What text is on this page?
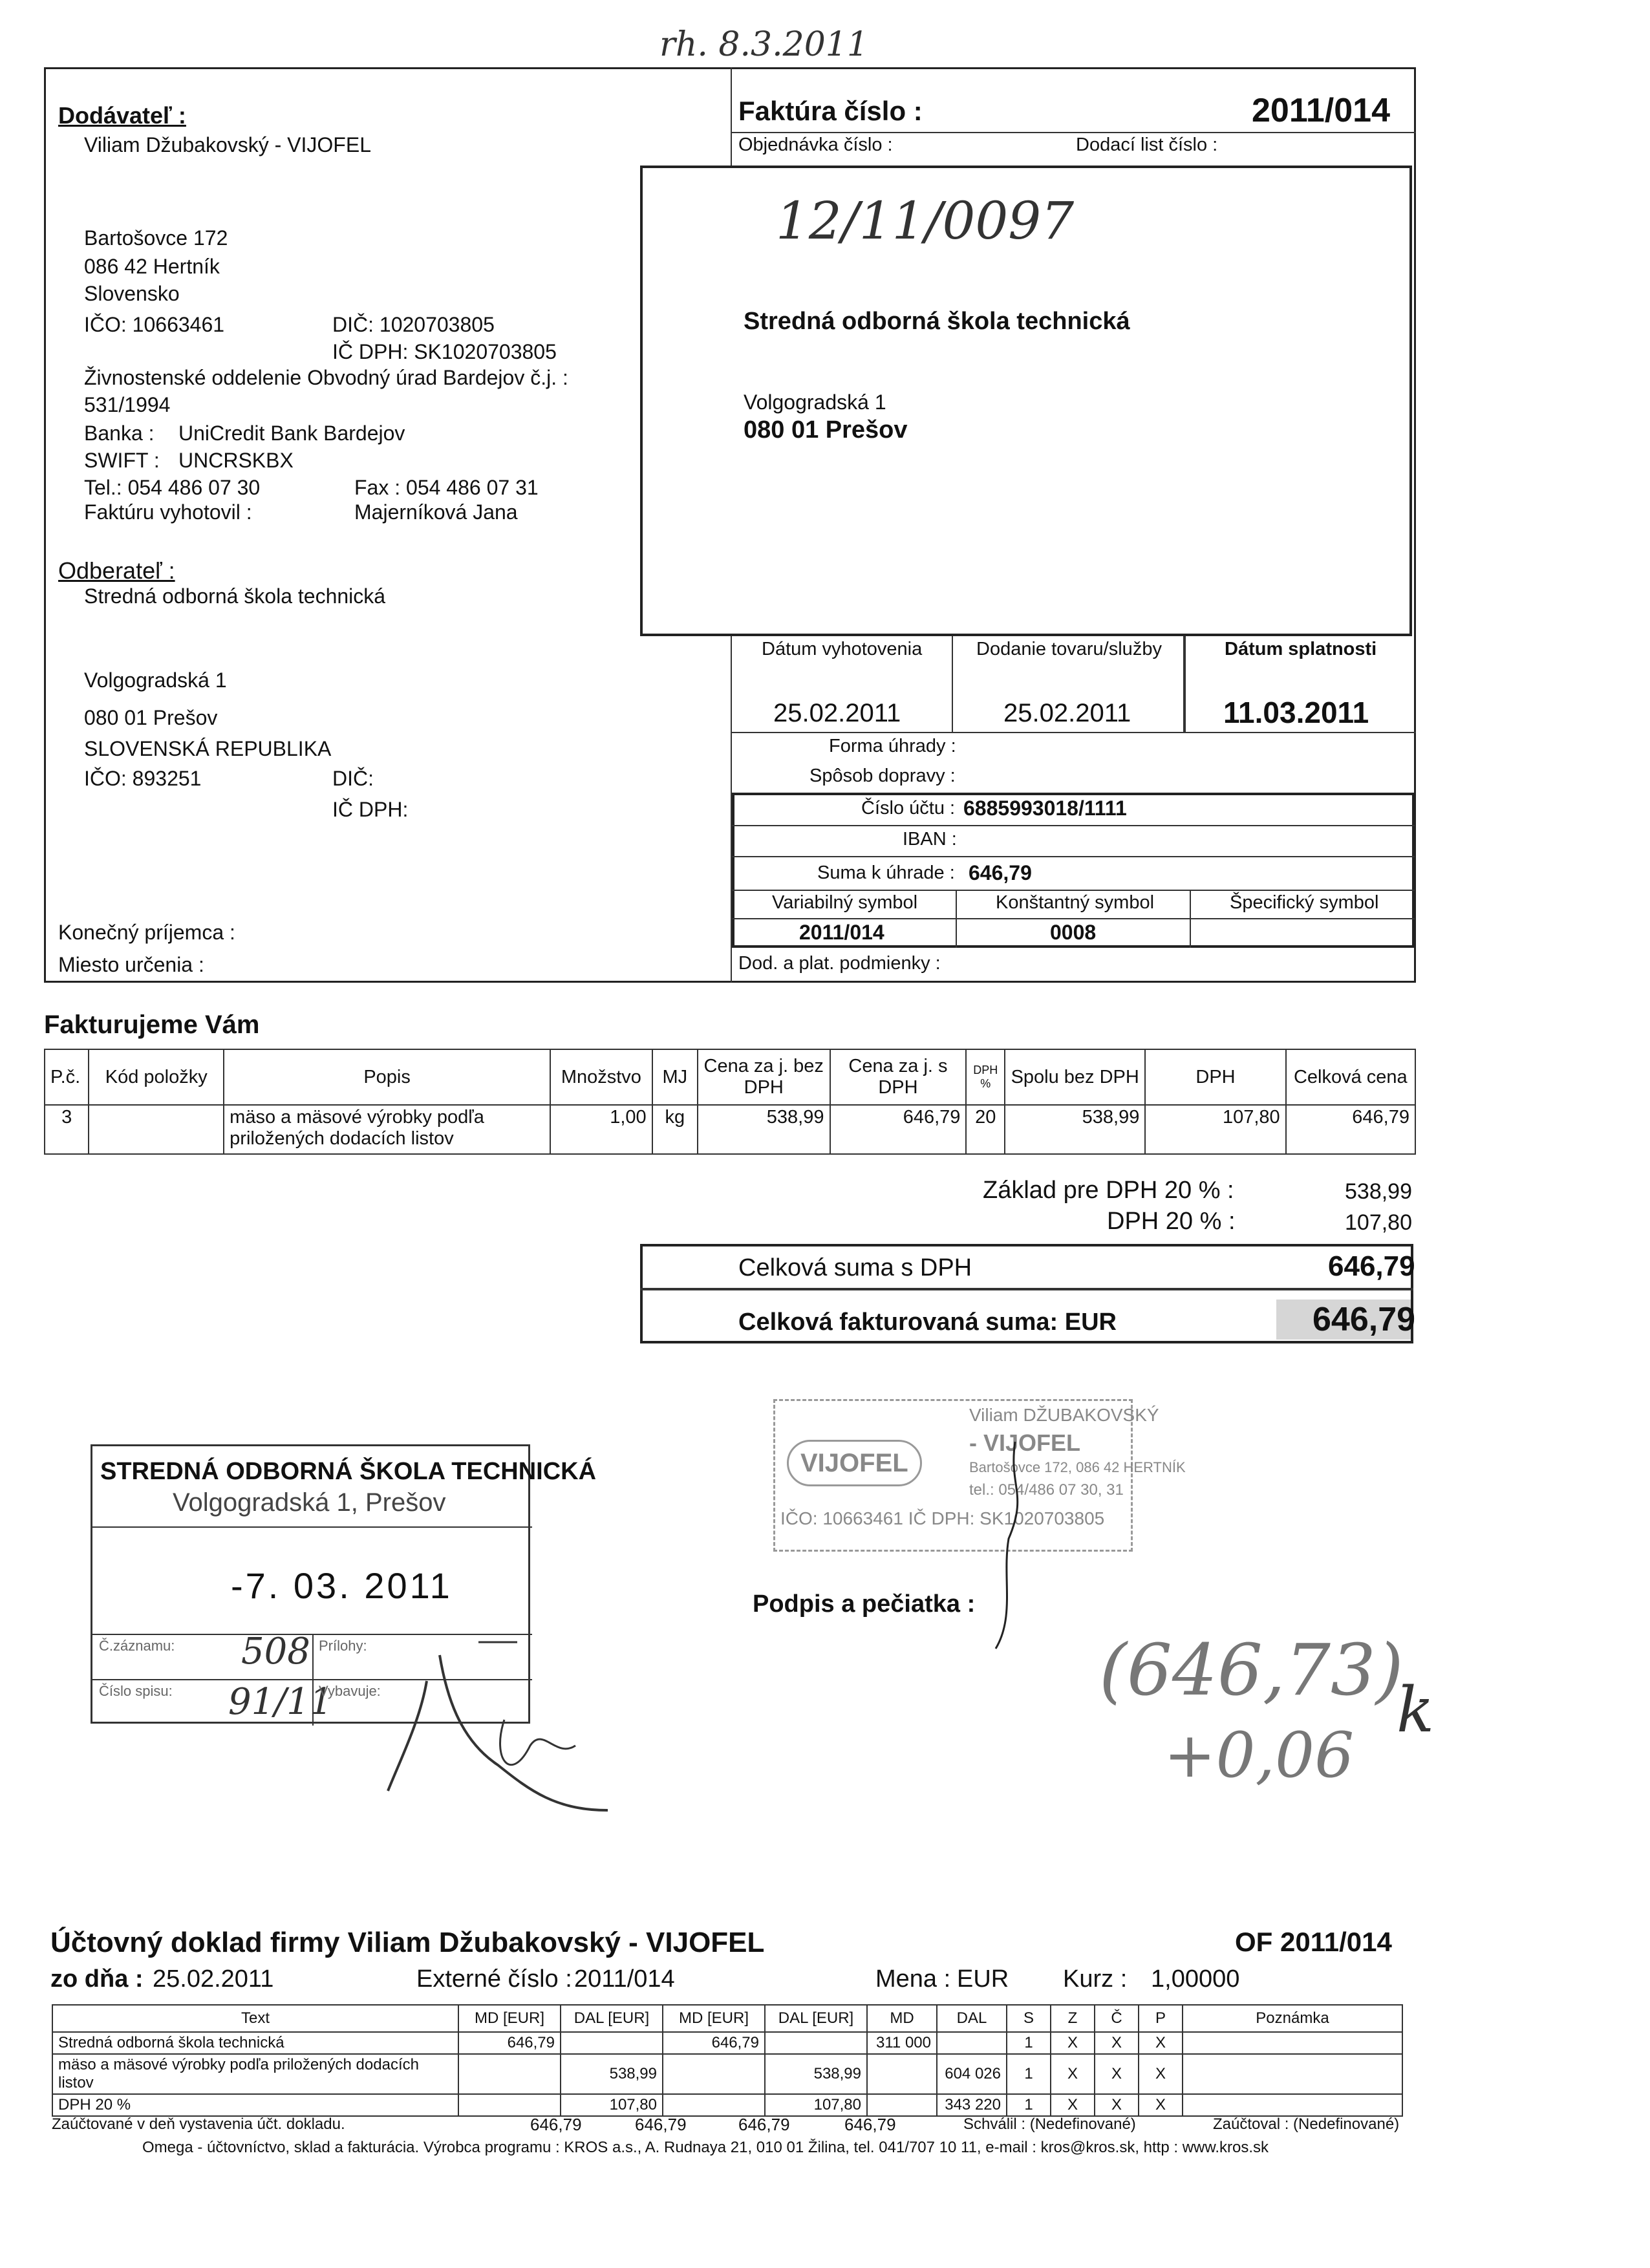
rh. 8.3.2011
Dodávateľ :
Viliam Džubakovský - VIJOFEL
Bartošovce 172
086 42 Hertník
Slovensko
IČO: 10663461	DIČ: 1020703805
IČ DPH: SK1020703805
Živnostenské oddelenie Obvodný úrad Bardejov č.j. :
531/1994
Banka : UniCredit Bank Bardejov
SWIFT : UNCRSKBX
Tel.: 054 486 07 30	Fax : 054 486 07 31
Faktúru vyhotovil :	Majerníková Jana
Odberateľ :
Stredná odborná škola technická
Volgogradská 1
080 01 Prešov
SLOVENSKÁ REPUBLIKA
IČO: 893251	DIČ:
IČ DPH:
Konečný príjemca :
Miesto určenia :
Faktúra číslo :	2011/014
Objednávka číslo :	Dodací list číslo :
12/11/0097
Stredná odborná škola technická
Volgogradská 1
080 01 Prešov
Dátum vyhotovenia	Dodanie tovaru/služby	Dátum splatnosti
25.02.2011	25.02.2011	11.03.2011
Forma úhrady :
Spôsob dopravy :
Číslo účtu : 6885993018/1111
IBAN :
Suma k úhrade : 646,79
Variabilný symbol	Konštantný symbol	Špecifický symbol
2011/014	0008
Dod. a plat. podmienky :
Fakturujeme Vám
P.č.	Kód položky	Popis	Množstvo	MJ	Cena za j. bez DPH	Cena za j. s DPH	DPH %	Spolu bez DPH	DPH	Celková cena
3		mäso a mäsové výrobky podľa
priložených dodacích listov	1,00	kg	538,99	646,79	20	538,99	107,80	646,79
Základ pre DPH 20 % :	538,99
DPH 20 % :	107,80
Celková suma s DPH	646,79
Celková fakturovaná suma: EUR	646,79
STREDNÁ ODBORNÁ ŠKOLA TECHNICKÁ
Volgogradská 1, Prešov
-7. 03. 2011
Č.záznamu: 508 Prílohy:
Číslo spisu: 91/11
Vybavuje:
VIJOFEL
Viliam DŽUBAKOVSKÝ
- VIJOFEL
Bartošovce 172, 086 42 HERTNÍK
tel.: 054/486 07 30, 31
IČO: 10663461 IČ DPH: SK1020703805
Podpis a pečiatka :
(646,73)
+0,06
k
Účtovný doklad firmy Viliam Džubakovský - VIJOFEL	OF 2011/014
zo dňa : 25.02.2011	Externé číslo : 2011/014	Mena : EUR Kurz : 1,00000
Text	MD [EUR]	DAL [EUR]	MD [EUR]	DAL [EUR]	MD	DAL	S	Z	Č	P	Poznámka
Stredná odborná škola technická	646,79		646,79		311 000		1	X	X	X	
mäso a mäsové výrobky podľa priložených dodacích listov		538,99		538,99		604 026	1	X	X	X	
DPH 20 %		107,80		107,80		343 220	1	X	X	X	
Zaúčtované v deň vystavenia účt. dokladu.	646,79	646,79	646,79	646,79	Schválil : (Nedefinované)	Zaúčtoval : (Nedefinované)
Omega - účtovníctvo, sklad a fakturácia. Výrobca programu : KROS a.s., A. Rudnaya 21, 010 01 Žilina, tel. 041/707 10 11, e-mail : kros@kros.sk, http : www.kros.sk
